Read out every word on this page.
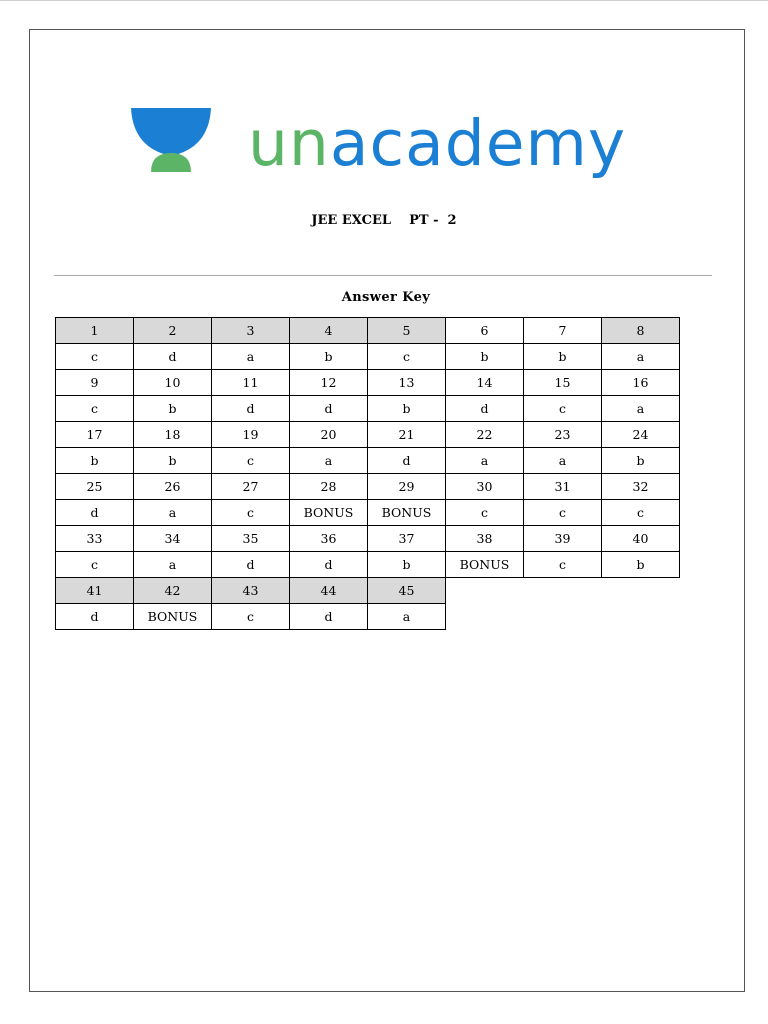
unacademy
JEE EXCEL    PT -  2
Answer Key
1	2	3	4	5	6	7	8
c	d	a	b	c	b	b	a
9	10	11	12	13	14	15	16
c	b	d	d	b	d	c	a
17	18	19	20	21	22	23	24
b	b	c	a	d	a	a	b
25	26	27	28	29	30	31	32
d	a	c	BONUS	BONUS	c	c	c
33	34	35	36	37	38	39	40
c	a	d	d	b	BONUS	c	b
41	42	43	44	45			
d	BONUS	c	d	a			
